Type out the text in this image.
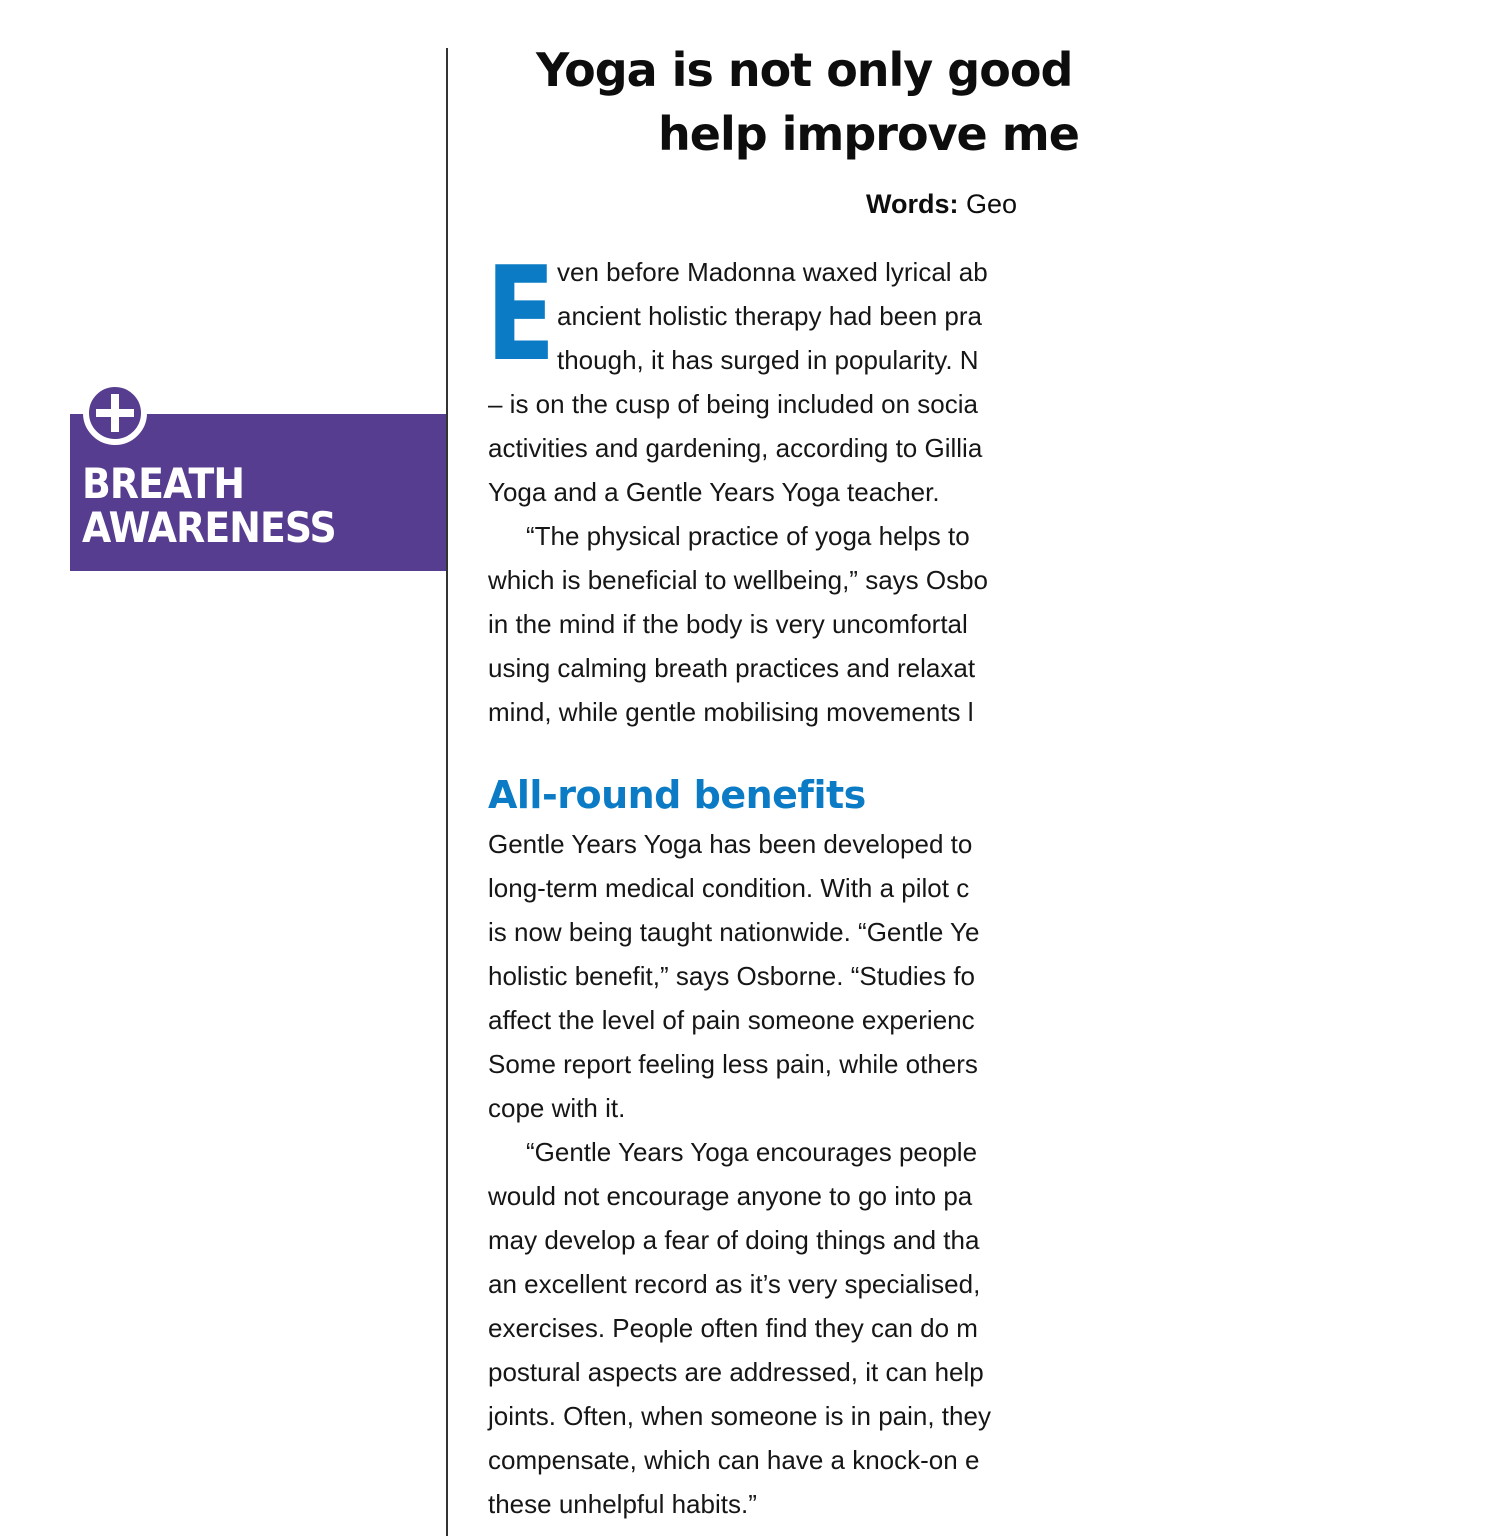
BREATH
AWARENESS
Yoga is not only good
help improve me
Words: Geo
E ven before Madonna waxed lyrical ab
ancient holistic therapy had been pra
though, it has surged in popularity. N
– is on the cusp of being included on socia
activities and gardening, according to Gillia
Yoga and a Gentle Years Yoga teacher.
“The physical practice of yoga helps to
which is beneficial to wellbeing,” says Osbo
in the mind if the body is very uncomfortal
using calming breath practices and relaxat
mind, while gentle mobilising movements l
All-round benefits
Gentle Years Yoga has been developed to
long-term medical condition. With a pilot c
is now being taught nationwide. “Gentle Ye
holistic benefit,” says Osborne. “Studies fo
affect the level of pain someone experienc
Some report feeling less pain, while others
cope with it.
“Gentle Years Yoga encourages people
would not encourage anyone to go into pa
may develop a fear of doing things and tha
an excellent record as it’s very specialised,
exercises. People often find they can do m
postural aspects are addressed, it can help
joints. Often, when someone is in pain, they
compensate, which can have a knock-on e
these unhelpful habits.”
